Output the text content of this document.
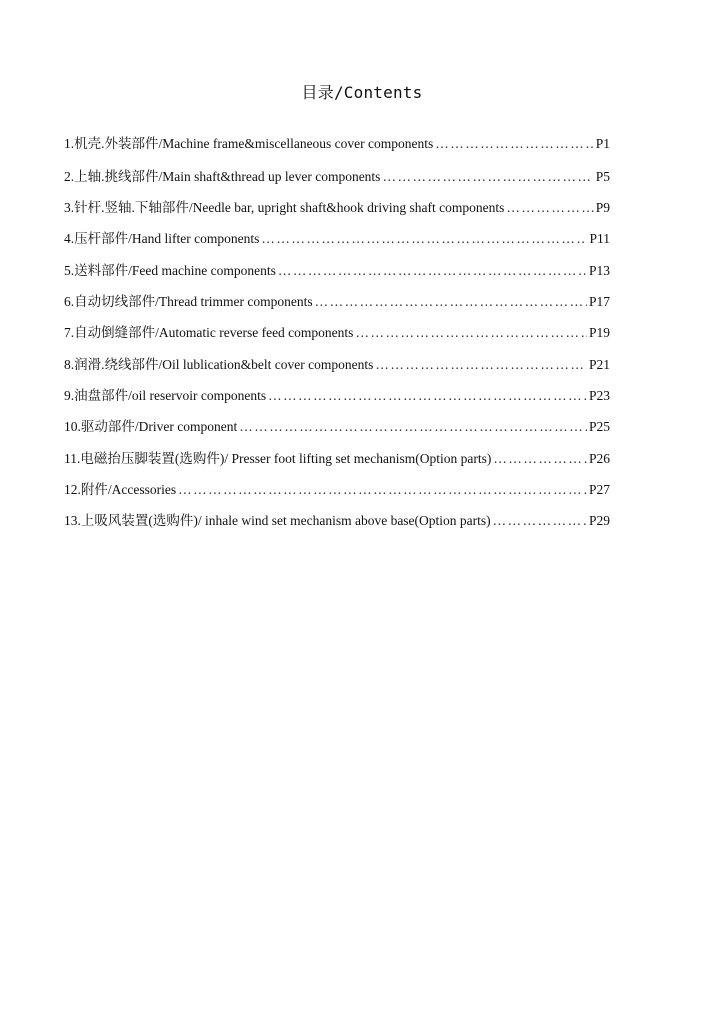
目录/Contents
1.机壳.外装部件/Machine frame&miscellaneous cover components ……………………………………………………………………………………………………………………………………………………………………	P1
2.上轴.挑线部件/Main shaft&thread up lever components ……………………………………………………………………………………………………………………………………………………………………	P5
3.针杆.竖轴.下轴部件/Needle bar, upright shaft&hook driving shaft components ……………………………………………………………………………………………………………………………………………………………………	P9
4.压杆部件/Hand lifter components ……………………………………………………………………………………………………………………………………………………………………	P11
5.送料部件/Feed machine components ……………………………………………………………………………………………………………………………………………………………………	P13
6.自动切线部件/Thread trimmer components ……………………………………………………………………………………………………………………………………………………………………	P17
7.自动倒缝部件/Automatic reverse feed components ……………………………………………………………………………………………………………………………………………………………………	P19
8.润滑.绕线部件/Oil lublication&belt cover components ……………………………………………………………………………………………………………………………………………………………………	P21
9.油盘部件/oil reservoir components ……………………………………………………………………………………………………………………………………………………………………	P23
10.驱动部件/Driver component ……………………………………………………………………………………………………………………………………………………………………	P25
11.电磁抬压脚装置(选购件)/ Presser foot lifting set mechanism(Option parts) ……………………………………………………………………………………………………………………………………………………………………	P26
12.附件/Accessories ……………………………………………………………………………………………………………………………………………………………………	P27
13.上吸风装置(选购件)/ inhale wind set mechanism above base(Option parts) ……………………………………………………………………………………………………………………………………………………………………	P29
